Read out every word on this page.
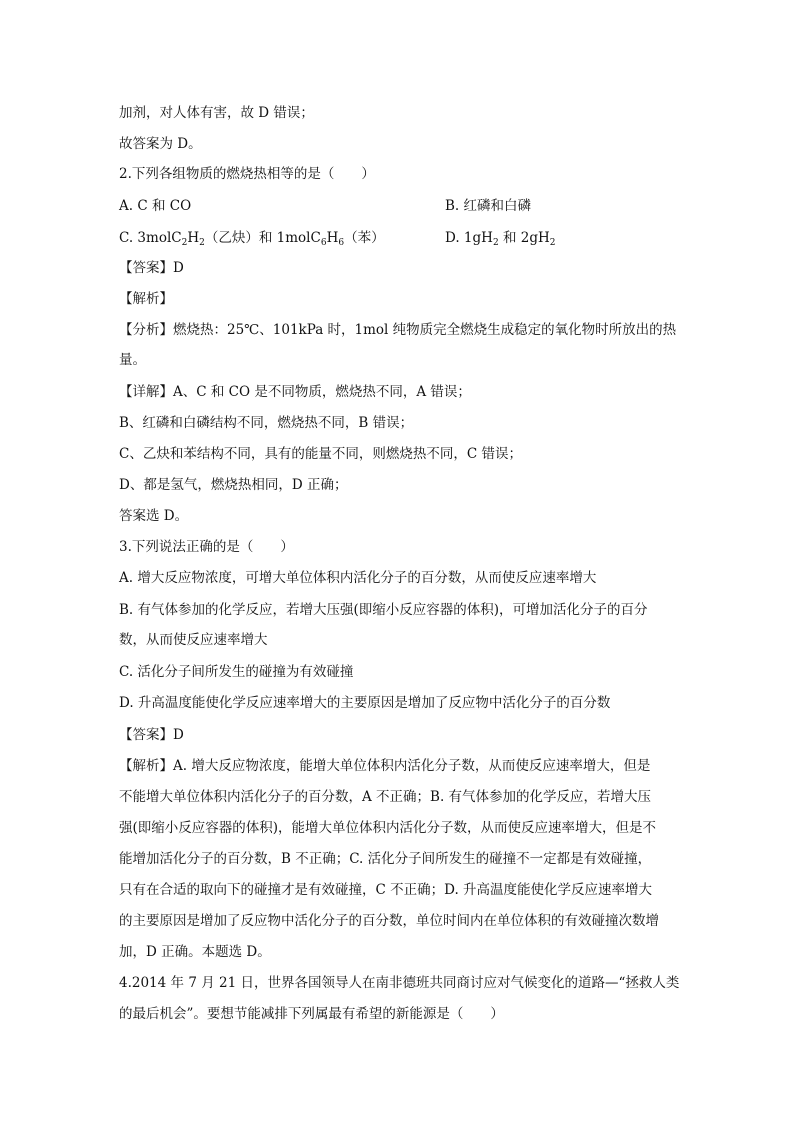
加剂，对人体有害，故 D 错误；
故答案为 D。
2.下列各组物质的燃烧热相等的是（　　）
A. C 和 CO	B. 红磷和白磷
C. $3molC_2H_2$（乙炔）和 $1molC_6H_6$（苯）	D. $1gH_2$ 和 $2gH_2$
【答案】D
【解析】
【分析】燃烧热：25℃、101kPa 时，1mol 纯物质完全燃烧生成稳定的氧化物时所放出的热
量。
【详解】A、C 和 CO 是不同物质，燃烧热不同，A 错误；
B、红磷和白磷结构不同，燃烧热不同，B 错误；
C、乙炔和苯结构不同，具有的能量不同，则燃烧热不同，C 错误；
D、都是氢气，燃烧热相同，D 正确；
答案选 D。
3.下列说法正确的是（　　）
A. 增大反应物浓度，可增大单位体积内活化分子的百分数，从而使反应速率增大
B. 有气体参加的化学反应，若增大压强(即缩小反应容器的体积)，可增加活化分子的百分
数，从而使反应速率增大
C. 活化分子间所发生的碰撞为有效碰撞
D. 升高温度能使化学反应速率增大的主要原因是增加了反应物中活化分子的百分数
【答案】D
【解析】A. 增大反应物浓度，能增大单位体积内活化分子数，从而使反应速率增大，但是
不能增大单位体积内活化分子的百分数，A 不正确；B. 有气体参加的化学反应，若增大压
强(即缩小反应容器的体积)，能增大单位体积内活化分子数，从而使反应速率增大，但是不
能增加活化分子的百分数，B 不正确；C. 活化分子间所发生的碰撞不一定都是有效碰撞，
只有在合适的取向下的碰撞才是有效碰撞，C 不正确；D. 升高温度能使化学反应速率增大
的主要原因是增加了反应物中活化分子的百分数，单位时间内在单位体积的有效碰撞次数增
加，D 正确。本题选 D。
4.2014 年 7 月 21 日，世界各国领导人在南非德班共同商讨应对气候变化的道路—“拯救人类
的最后机会”。要想节能减排下列属最有希望的新能源是（　　）
